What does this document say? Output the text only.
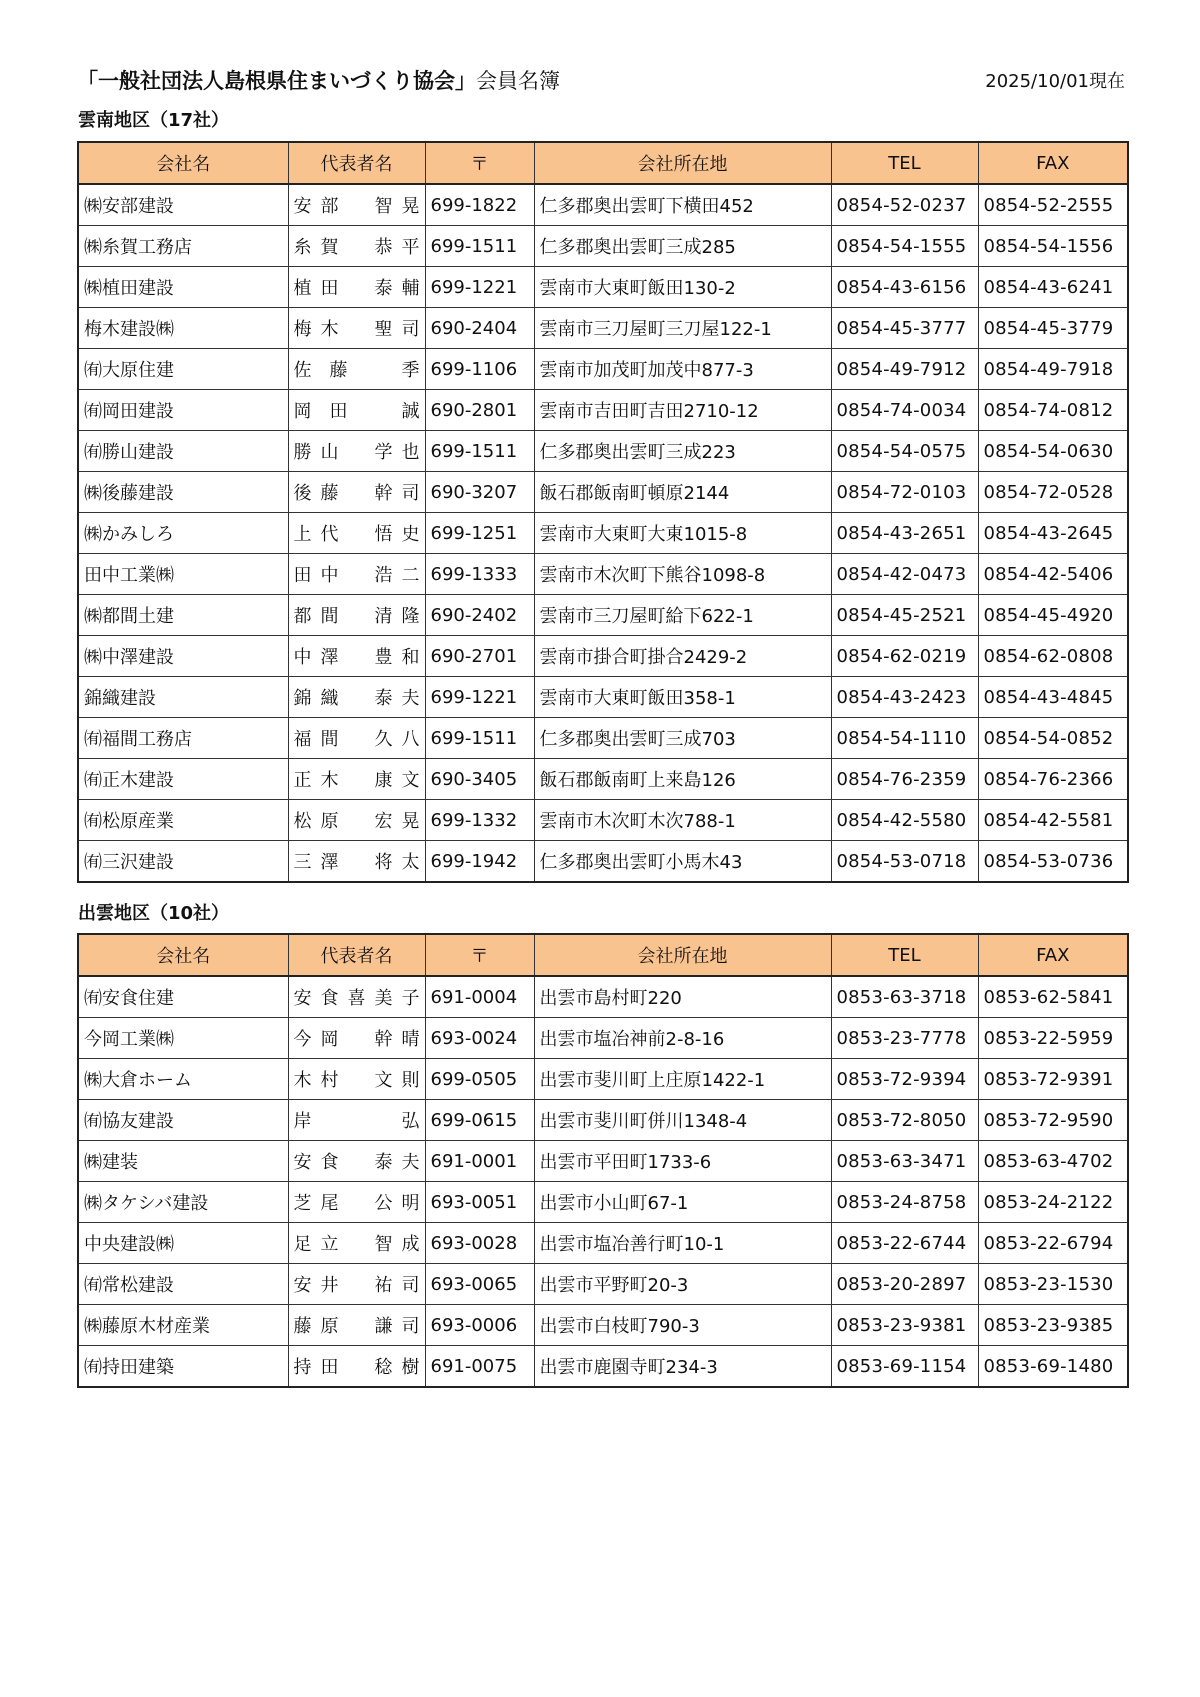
「一般社団法人島根県住まいづくり協会」会員名簿	2025/10/01現在
雲南地区（17社）
会社名	代表者名	〒	会社所在地	TEL	FAX
㈱安部建設	安部　智晃	699-1822	仁多郡奥出雲町下横田452	0854-52-0237	0854-52-2555
㈱糸賀工務店	糸賀　恭平	699-1511	仁多郡奥出雲町三成285	0854-54-1555	0854-54-1556
㈱植田建設	植田　泰輔	699-1221	雲南市大東町飯田130-2	0854-43-6156	0854-43-6241
梅木建設㈱	梅木　聖司	690-2404	雲南市三刀屋町三刀屋122-1	0854-45-3777	0854-45-3779
㈲大原住建	佐藤　季	699-1106	雲南市加茂町加茂中877-3	0854-49-7912	0854-49-7918
㈲岡田建設	岡田　誠	690-2801	雲南市吉田町吉田2710-12	0854-74-0034	0854-74-0812
㈲勝山建設	勝山　学也	699-1511	仁多郡奥出雲町三成223	0854-54-0575	0854-54-0630
㈱後藤建設	後藤　幹司	690-3207	飯石郡飯南町頓原2144	0854-72-0103	0854-72-0528
㈱かみしろ	上代　悟史	699-1251	雲南市大東町大東1015-8	0854-43-2651	0854-43-2645
田中工業㈱	田中　浩二	699-1333	雲南市木次町下熊谷1098-8	0854-42-0473	0854-42-5406
㈱都間土建	都間　清隆	690-2402	雲南市三刀屋町給下622-1	0854-45-2521	0854-45-4920
㈱中澤建設	中澤　豊和	690-2701	雲南市掛合町掛合2429-2	0854-62-0219	0854-62-0808
錦織建設	錦織　泰夫	699-1221	雲南市大東町飯田358-1	0854-43-2423	0854-43-4845
㈲福間工務店	福間　久八	699-1511	仁多郡奥出雲町三成703	0854-54-1110	0854-54-0852
㈲正木建設	正木　康文	690-3405	飯石郡飯南町上来島126	0854-76-2359	0854-76-2366
㈲松原産業	松原　宏晃	699-1332	雲南市木次町木次788-1	0854-42-5580	0854-42-5581
㈲三沢建設	三澤　将太	699-1942	仁多郡奥出雲町小馬木43	0854-53-0718	0854-53-0736
出雲地区（10社）
会社名	代表者名	〒	会社所在地	TEL	FAX
㈲安食住建	安食喜美子	691-0004	出雲市島村町220	0853-63-3718	0853-62-5841
今岡工業㈱	今岡　幹晴	693-0024	出雲市塩冶神前2-8-16	0853-23-7778	0853-22-5959
㈱大倉ホーム	木村　文則	699-0505	出雲市斐川町上庄原1422-1	0853-72-9394	0853-72-9391
㈲協友建設	岸　弘	699-0615	出雲市斐川町併川1348-4	0853-72-8050	0853-72-9590
㈱建装	安食　泰夫	691-0001	出雲市平田町1733-6	0853-63-3471	0853-63-4702
㈱タケシバ建設	芝尾　公明	693-0051	出雲市小山町67-1	0853-24-8758	0853-24-2122
中央建設㈱	足立　智成	693-0028	出雲市塩冶善行町10-1	0853-22-6744	0853-22-6794
㈲常松建設	安井　祐司	693-0065	出雲市平野町20-3	0853-20-2897	0853-23-1530
㈱藤原木材産業	藤原　謙司	693-0006	出雲市白枝町790-3	0853-23-9381	0853-23-9385
㈲持田建築	持田　稔樹	691-0075	出雲市鹿園寺町234-3	0853-69-1154	0853-69-1480
